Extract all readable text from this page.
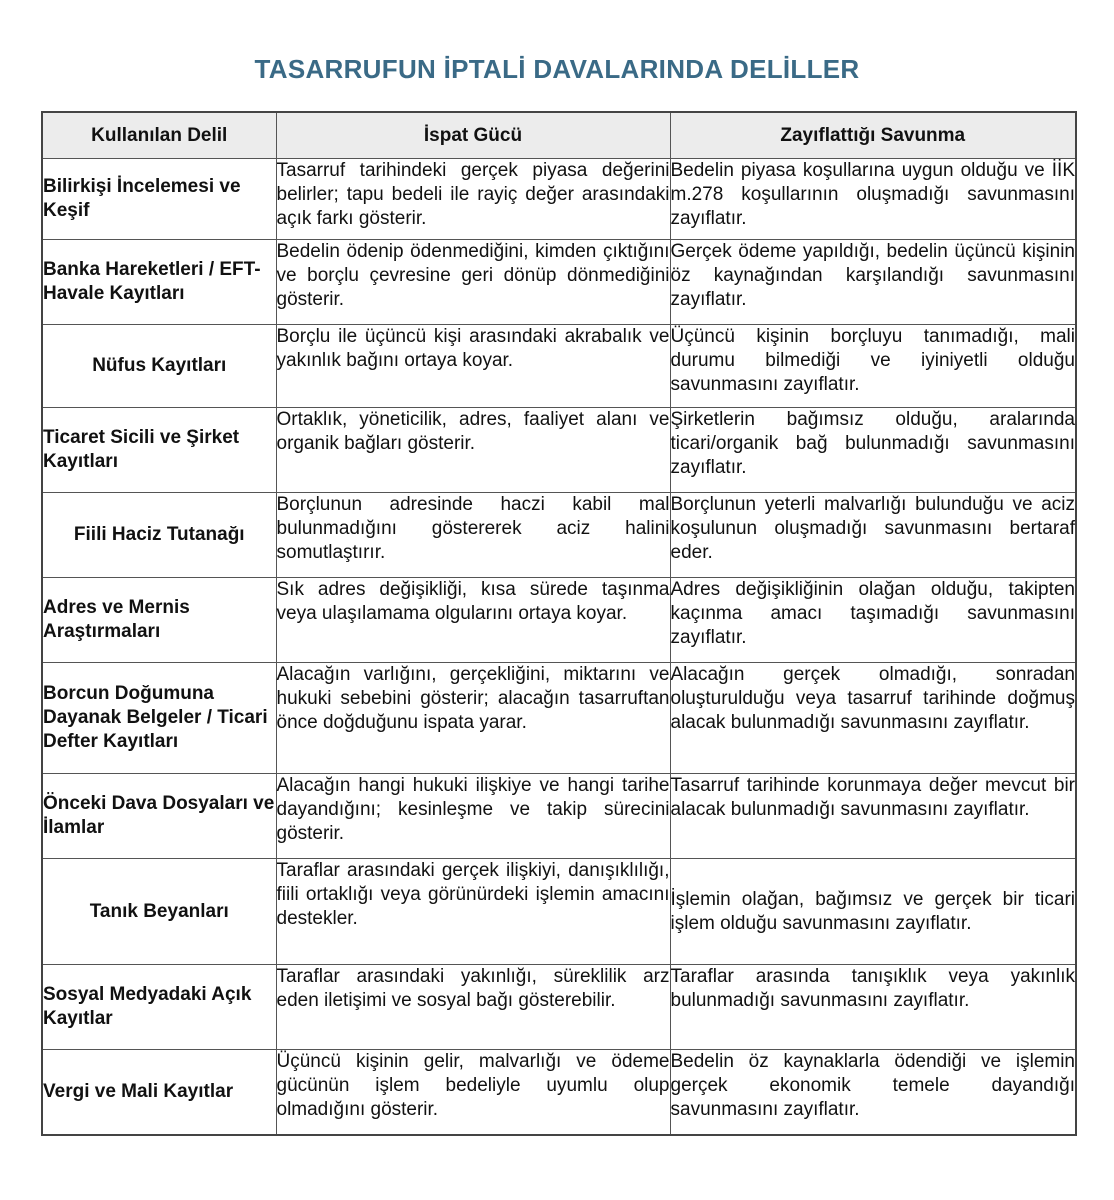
TASARRUFUN İPTALİ DAVALARINDA DELİLLER
Kullanılan Delil	İspat Gücü	Zayıflattığı Savunma
Bilirkişi İncelemesi ve Keşif	Tasarruf tarihindeki gerçek piyasa değerini belirler; tapu bedeli ile rayiç değer arasındaki açık farkı gösterir.	Bedelin piyasa koşullarına uygun olduğu ve İİK m.278 koşullarının oluşmadığı savunmasını zayıflatır.
Banka Hareketleri / EFT-Havale Kayıtları	Bedelin ödenip ödenmediğini, kimden çıktığını ve borçlu çevresine geri dönüp dönmediğini gösterir.	Gerçek ödeme yapıldığı, bedelin üçüncü kişinin öz kaynağından karşılandığı savunmasını zayıflatır.
Nüfus Kayıtları	Borçlu ile üçüncü kişi arasındaki akrabalık ve yakınlık bağını ortaya koyar.	Üçüncü kişinin borçluyu tanımadığı, mali durumu bilmediği ve iyiniyetli olduğu savunmasını zayıflatır.
Ticaret Sicili ve Şirket Kayıtları	Ortaklık, yöneticilik, adres, faaliyet alanı ve organik bağları gösterir.	Şirketlerin bağımsız olduğu, aralarında ticari/organik bağ bulunmadığı savunmasını zayıflatır.
Fiili Haciz Tutanağı	Borçlunun adresinde haczi kabil mal bulunmadığını göstererek aciz halini somutlaştırır.	Borçlunun yeterli malvarlığı bulunduğu ve aciz koşulunun oluşmadığı savunmasını bertaraf eder.
Adres ve Mernis Araştırmaları	Sık adres değişikliği, kısa sürede taşınma veya ulaşılamama olgularını ortaya koyar.	Adres değişikliğinin olağan olduğu, takipten kaçınma amacı taşımadığı savunmasını zayıflatır.
Borcun Doğumuna Dayanak Belgeler / Ticari Defter Kayıtları	Alacağın varlığını, gerçekliğini, miktarını ve hukuki sebebini gösterir; alacağın tasarruftan önce doğduğunu ispata yarar.	Alacağın gerçek olmadığı, sonradan oluşturulduğu veya tasarruf tarihinde doğmuş alacak bulunmadığı savunmasını zayıflatır.
Önceki Dava Dosyaları ve İlamlar	Alacağın hangi hukuki ilişkiye ve hangi tarihe dayandığını; kesinleşme ve takip sürecini gösterir.	Tasarruf tarihinde korunmaya değer mevcut bir alacak bulunmadığı savunmasını zayıflatır.
Tanık Beyanları	Taraflar arasındaki gerçek ilişkiyi, danışıklılığı, fiili ortaklığı veya görünürdeki işlemin amacını destekler.	İşlemin olağan, bağımsız ve gerçek bir ticari işlem olduğu savunmasını zayıflatır.
Sosyal Medyadaki Açık Kayıtlar	Taraflar arasındaki yakınlığı, süreklilik arz eden iletişimi ve sosyal bağı gösterebilir.	Taraflar arasında tanışıklık veya yakınlık bulunmadığı savunmasını zayıflatır.
Vergi ve Mali Kayıtlar	Üçüncü kişinin gelir, malvarlığı ve ödeme gücünün işlem bedeliyle uyumlu olup olmadığını gösterir.	Bedelin öz kaynaklarla ödendiği ve işlemin gerçek ekonomik temele dayandığı savunmasını zayıflatır.
